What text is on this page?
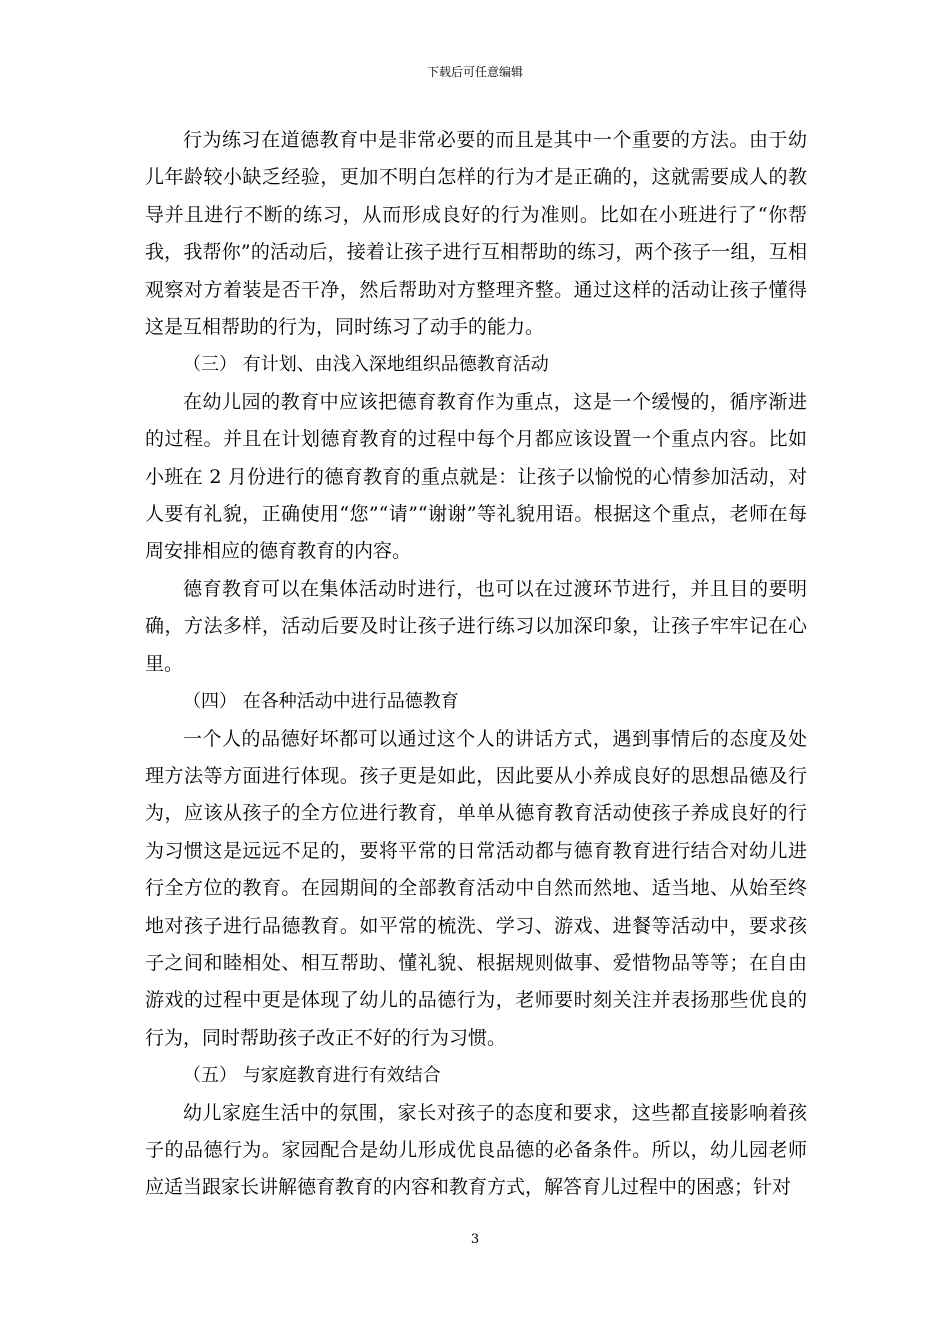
下载后可任意编辑

行为练习在道德教育中是非常必要的而且是其中一个重要的方法。由于幼儿年龄较小缺乏经验，更加不明白怎样的行为才是正确的，这就需要成人的教导并且进行不断的练习，从而形成良好的行为准则。比如在小班进行了“你帮我，我帮你”的活动后，接着让孩子进行互相帮助的练习，两个孩子一组，互相观察对方着装是否干净，然后帮助对方整理齐整。通过这样的活动让孩子懂得这是互相帮助的行为，同时练习了动手的能力。

（三） 有计划、由浅入深地组织品德教育活动

在幼儿园的教育中应该把德育教育作为重点，这是一个缓慢的，循序渐进的过程。并且在计划德育教育的过程中每个月都应该设置一个重点内容。比如小班在 2 月份进行的德育教育的重点就是：让孩子以愉悦的心情参加活动，对人要有礼貌，正确使用“您”“请”“谢谢”等礼貌用语。根据这个重点，老师在每周安排相应的德育教育的内容。

德育教育可以在集体活动时进行，也可以在过渡环节进行，并且目的要明确，方法多样，活动后要及时让孩子进行练习以加深印象，让孩子牢牢记在心里。

（四） 在各种活动中进行品德教育

一个人的品德好坏都可以通过这个人的讲话方式，遇到事情后的态度及处理方法等方面进行体现。孩子更是如此，因此要从小养成良好的思想品德及行为，应该从孩子的全方位进行教育，单单从德育教育活动使孩子养成良好的行为习惯这是远远不足的，要将平常的日常活动都与德育教育进行结合对幼儿进行全方位的教育。在园期间的全部教育活动中自然而然地、适当地、从始至终地对孩子进行品德教育。如平常的梳洗、学习、游戏、进餐等活动中，要求孩子之间和睦相处、相互帮助、懂礼貌、根据规则做事、爱惜物品等等；在自由游戏的过程中更是体现了幼儿的品德行为，老师要时刻关注并表扬那些优良的行为，同时帮助孩子改正不好的行为习惯。

（五） 与家庭教育进行有效结合

幼儿家庭生活中的氛围，家长对孩子的态度和要求，这些都直接影响着孩子的品德行为。家园配合是幼儿形成优良品德的必备条件。所以，幼儿园老师应适当跟家长讲解德育教育的内容和教育方式，解答育儿过程中的困惑；针对

3
